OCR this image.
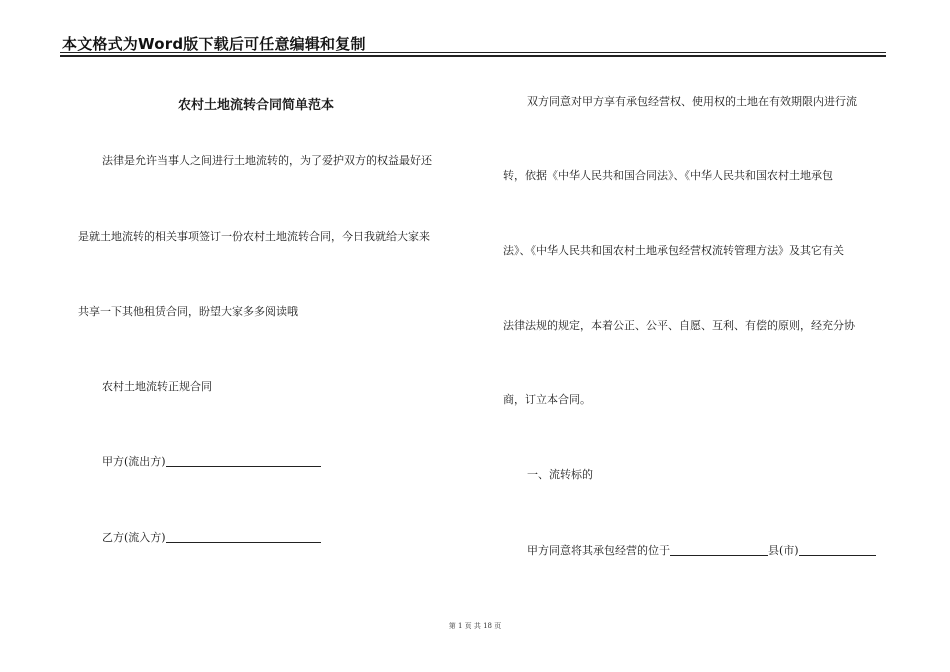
本文格式为Word版下载后可任意编辑和复制
农村土地流转合同简单范本
法律是允许当事人之间进行土地流转的，为了爱护双方的权益最好还
是就土地流转的相关事项签订一份农村土地流转合同，今日我就给大家来
共享一下其他租赁合同，盼望大家多多阅读哦
农村土地流转正规合同
甲方(流出方)
乙方(流入方)
双方同意对甲方享有承包经营权、使用权的土地在有效期限内进行流
转，依据《中华人民共和国合同法》、《中华人民共和国农村土地承包
法》、《中华人民共和国农村土地承包经营权流转管理方法》及其它有关
法律法规的规定，本着公正、公平、自愿、互利、有偿的原则，经充分协
商，订立本合同。
一、流转标的
甲方同意将其承包经营的位于	县(市)
第 1 页 共 18 页
